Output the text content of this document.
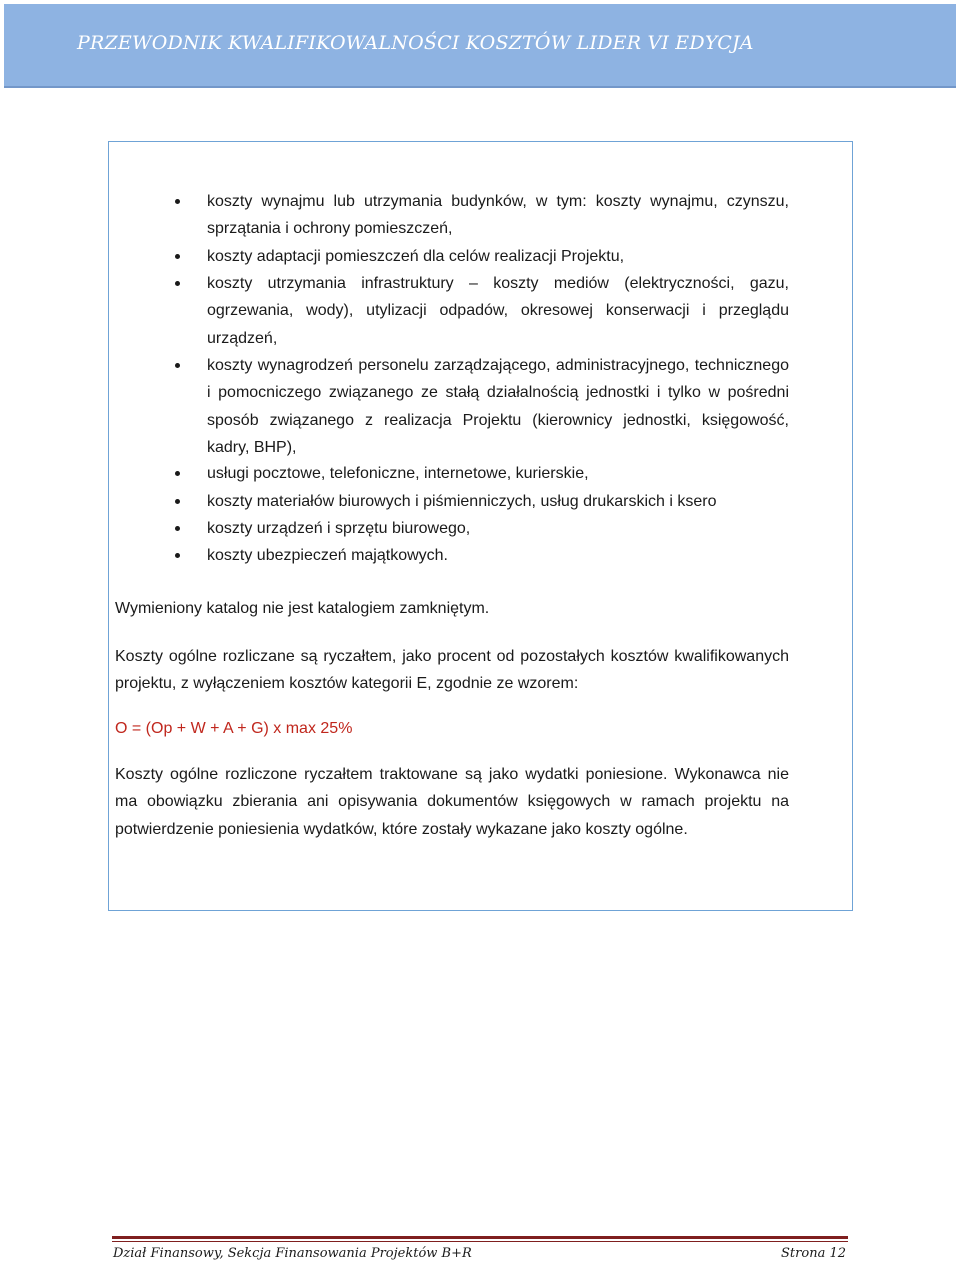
PRZEWODNIK KWALIFIKOWALNOŚCI KOSZTÓW LIDER VI EDYCJA
koszty wynajmu lub utrzymania budynków, w tym: koszty wynajmu, czynszu, sprzątania i ochrony pomieszczeń,
koszty adaptacji pomieszczeń dla celów realizacji Projektu,
koszty utrzymania infrastruktury – koszty mediów (elektryczności, gazu, ogrzewania, wody), utylizacji odpadów, okresowej konserwacji i przeglądu urządzeń,
koszty wynagrodzeń personelu zarządzającego, administracyjnego, technicznego i pomocniczego związanego ze stałą działalnością jednostki i tylko w pośredni sposób związanego z realizacja Projektu (kierownicy jednostki, księgowość, kadry, BHP),
usługi pocztowe, telefoniczne, internetowe, kurierskie,
koszty materiałów biurowych i piśmienniczych, usług drukarskich i ksero
koszty urządzeń i sprzętu biurowego,
koszty ubezpieczeń majątkowych.

Wymieniony katalog nie jest katalogiem zamkniętym.

Koszty ogólne rozliczane są ryczałtem, jako procent od pozostałych kosztów kwalifikowanych projektu, z wyłączeniem kosztów kategorii E, zgodnie ze wzorem:

O = (Op + W + A + G) x max 25%

Koszty ogólne rozliczone ryczałtem traktowane są jako wydatki poniesione. Wykonawca nie ma obowiązku zbierania ani opisywania dokumentów księgowych w ramach projektu na potwierdzenie poniesienia wydatków, które zostały wykazane jako koszty ogólne.

Dział Finansowy, Sekcja Finansowania Projektów B+R	Strona 12
